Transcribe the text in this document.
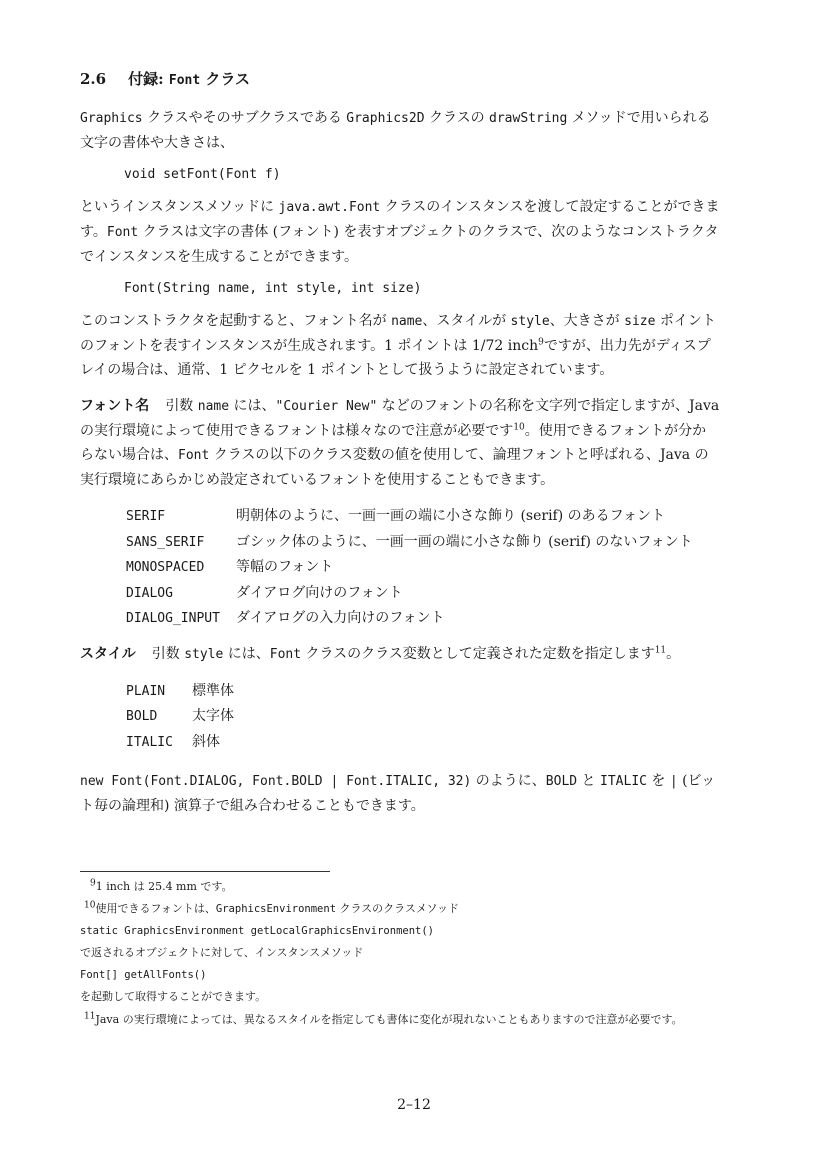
2.6 付録: Font クラス

Graphics クラスやそのサブクラスである Graphics2D クラスの drawString メソッドで用いられる文字の書体や大きさは、

void setFont(Font f)

というインスタンスメソッドに java.awt.Font クラスのインスタンスを渡して設定することができます。Font クラスは文字の書体 (フォント) を表すオブジェクトのクラスで、次のようなコンストラクタでインスタンスを生成することができます。

Font(String name, int style, int size)

このコンストラクタを起動すると、フォント名が name、スタイルが style、大きさが size ポイントのフォントを表すインスタンスが生成されます。1 ポイントは 1/72 inch$^9$ですが、出力先がディスプレイの場合は、通常、1 ピクセルを 1 ポイントとして扱うように設定されています。

フォント名 引数 name には、"Courier New" などのフォントの名称を文字列で指定しますが、Java の実行環境によって使用できるフォントは様々なので注意が必要です$^{10}$。使用できるフォントが分からない場合は、Font クラスの以下のクラス変数の値を使用して、論理フォントと呼ばれる、Java の実行環境にあらかじめ設定されているフォントを使用することもできます。

SERIF	明朝体のように、一画一画の端に小さな飾り (serif) のあるフォント
SANS_SERIF	ゴシック体のように、一画一画の端に小さな飾り (serif) のないフォント
MONOSPACED	等幅のフォント
DIALOG	ダイアログ向けのフォント
DIALOG_INPUT	ダイアログの入力向けのフォント

スタイル 引数 style には、Font クラスのクラス変数として定義された定数を指定します$^{11}$。

PLAIN	標準体
BOLD	太字体
ITALIC	斜体

new Font(Font.DIALOG, Font.BOLD | Font.ITALIC, 32) のように、BOLD と ITALIC を | (ビット毎の論理和) 演算子で組み合わせることもできます。

$^9$1 inch は 25.4 mm です。

$^{10}$使用できるフォントは、GraphicsEnvironment クラスのクラスメソッド

static GraphicsEnvironment getLocalGraphicsEnvironment()

で返されるオブジェクトに対して、インスタンスメソッド

Font[] getAllFonts()

を起動して取得することができます。

$^{11}$Java の実行環境によっては、異なるスタイルを指定しても書体に変化が現れないこともありますので注意が必要です。

2–12
